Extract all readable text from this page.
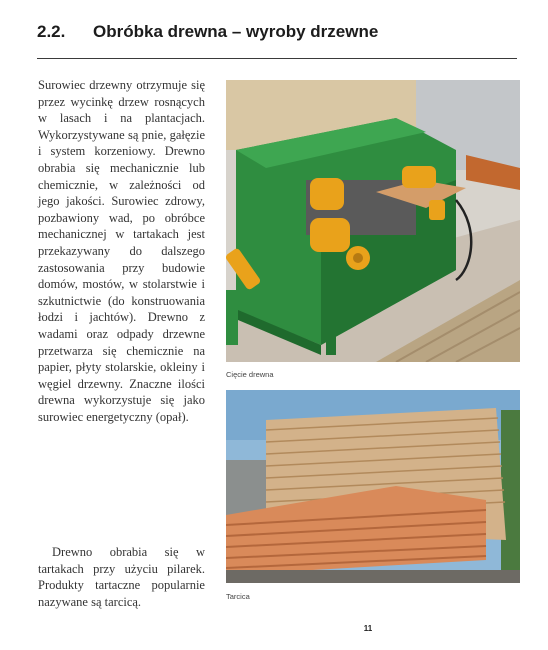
2.2. Obróbka drewna – wyroby drzewne
Surowiec drzewny otrzymuje się przez wycinkę drzew rosnących w lasach i na plantacjach. Wykorzystywane są pnie, gałęzie i system korzeniowy. Drewno obrabia się mechanicznie lub chemicznie, w zależności od jego jakości. Surowiec zdrowy, pozbawiony wad, po obróbce mechanicznej w tartakach jest przekazywany do dalszego zastosowania przy budowie domów, mostów, w stolarstwie i szkutnictwie (do konstruowania łodzi i jachtów). Drewno z wadami oraz odpady drzewne przetwarza się chemicznie na papier, płyty stolarskie, okleiny i węgiel drzewny. Znaczne ilości drewna wykorzystuje się jako surowiec energetyczny (opał).
Cięcie drewna
Tarcica
Drewno obrabia się w tartakach przy użyciu pilarek. Produkty tartaczne popularnie nazywane są tarcicą.
11
